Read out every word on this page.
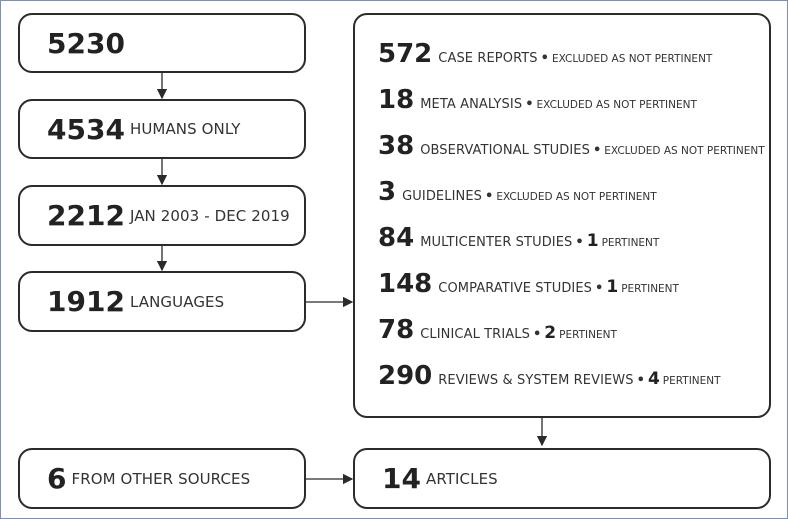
5230
4534 HUMANS ONLY
2212 JAN 2003 - DEC 2019
1912 LANGUAGES
572 CASE REPORTS • EXCLUDED AS NOT PERTINENT
18 META ANALYSIS • EXCLUDED AS NOT PERTINENT
38 OBSERVATIONAL STUDIES • EXCLUDED AS NOT PERTINENT
3 GUIDELINES • EXCLUDED AS NOT PERTINENT
84 MULTICENTER STUDIES • 1 PERTINENT
148 COMPARATIVE STUDIES • 1 PERTINENT
78 CLINICAL TRIALS • 2 PERTINENT
290 REVIEWS & SYSTEM REVIEWS • 4 PERTINENT
6 FROM OTHER SOURCES	14 ARTICLES
